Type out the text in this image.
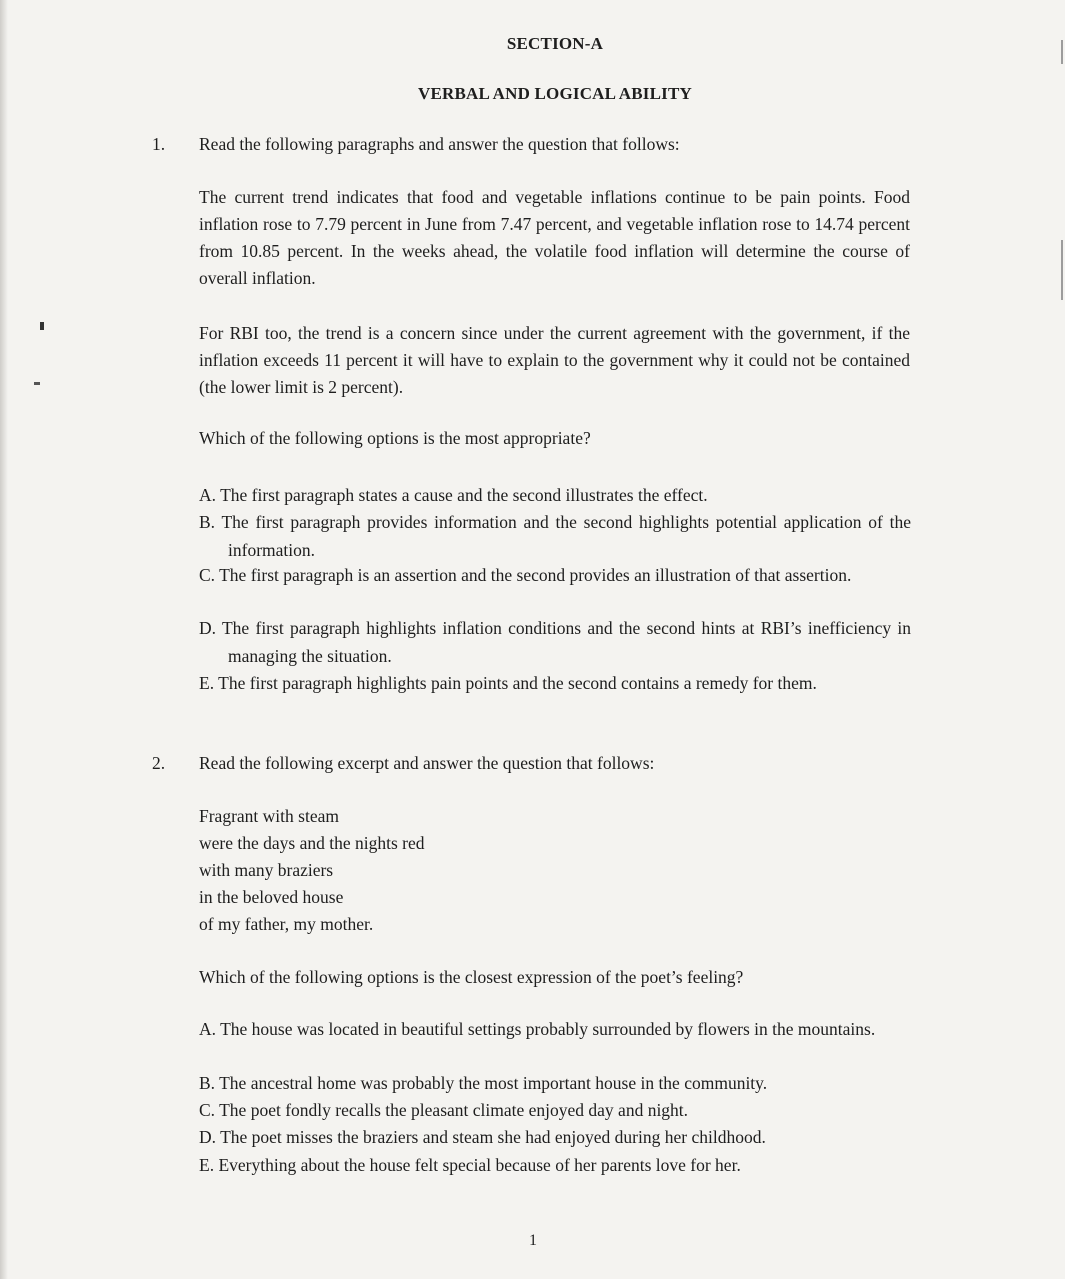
SECTION-A
VERBAL AND LOGICAL ABILITY
1. Read the following paragraphs and answer the question that follows:
The current trend indicates that food and vegetable inflations continue to be pain points. Food inflation rose to 7.79 percent in June from 7.47 percent, and vegetable inflation rose to 14.74 percent from 10.85 percent. In the weeks ahead, the volatile food inflation will determine the course of overall inflation.
For RBI too, the trend is a concern since under the current agreement with the government, if the inflation exceeds 11 percent it will have to explain to the government why it could not be contained (the lower limit is 2 percent).
Which of the following options is the most appropriate?
A. The first paragraph states a cause and the second illustrates the effect.
B. The first paragraph provides information and the second highlights potential application of the information.
C. The first paragraph is an assertion and the second provides an illustration of that assertion.
D. The first paragraph highlights inflation conditions and the second hints at RBI’s inefficiency in managing the situation.
E. The first paragraph highlights pain points and the second contains a remedy for them.
2. Read the following excerpt and answer the question that follows:
Fragrant with steam
were the days and the nights red
with many braziers
in the beloved house
of my father, my mother.
Which of the following options is the closest expression of the poet’s feeling?
A. The house was located in beautiful settings probably surrounded by flowers in the mountains.
B. The ancestral home was probably the most important house in the community.
C. The poet fondly recalls the pleasant climate enjoyed day and night.
D. The poet misses the braziers and steam she had enjoyed during her childhood.
E. Everything about the house felt special because of her parents love for her.
1
